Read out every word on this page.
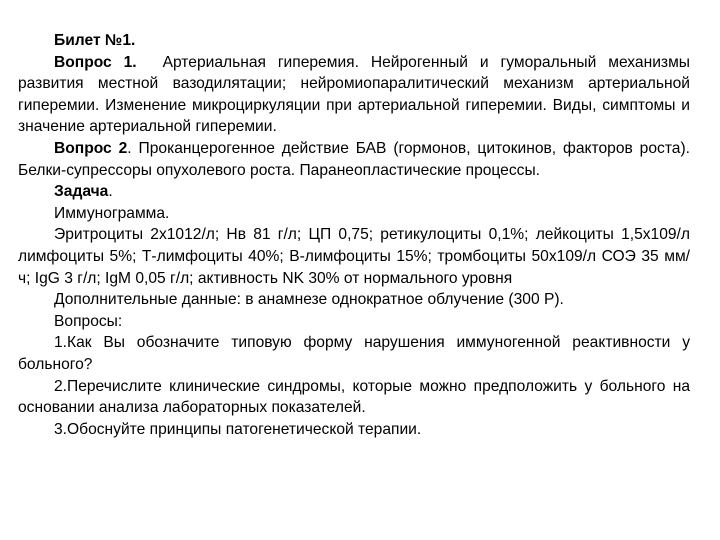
Билет №1.

Вопрос 1. Артериальная гиперемия. Нейрогенный и гуморальный механизмы развития местной вазодилятации; нейромиопаралитический механизм артериальной гиперемии. Изменение микроциркуляции при артериальной гиперемии. Виды, симптомы и значение артериальной гиперемии.

Вопрос 2. Проканцерогенное действие БАВ (гормонов, цитокинов, факторов роста). Белки-супрессоры опухолевого роста. Паранеопластические процессы.

Задача.

Иммунограмма.

Эритроциты 2х1012/л; Нв 81 г/л; ЦП 0,75; ретикулоциты 0,1%; лейкоциты 1,5х109/л лимфоциты 5%; Т-лимфоциты 40%; В-лимфоциты 15%; тромбоциты 50х109/л СОЭ 35 мм/ч; IgG 3 г/л; IgM 0,05 г/л; активность NK 30% от нормального уровня

Дополнительные данные: в анамнезе однократное облучение (300 Р).

Вопросы:

1.Как Вы обозначите типовую форму нарушения иммуногенной реактивности у больного?

2.Перечислите клинические синдромы, которые можно предположить у больного на основании анализа лабораторных показателей.

3.Обоснуйте принципы патогенетической терапии.
